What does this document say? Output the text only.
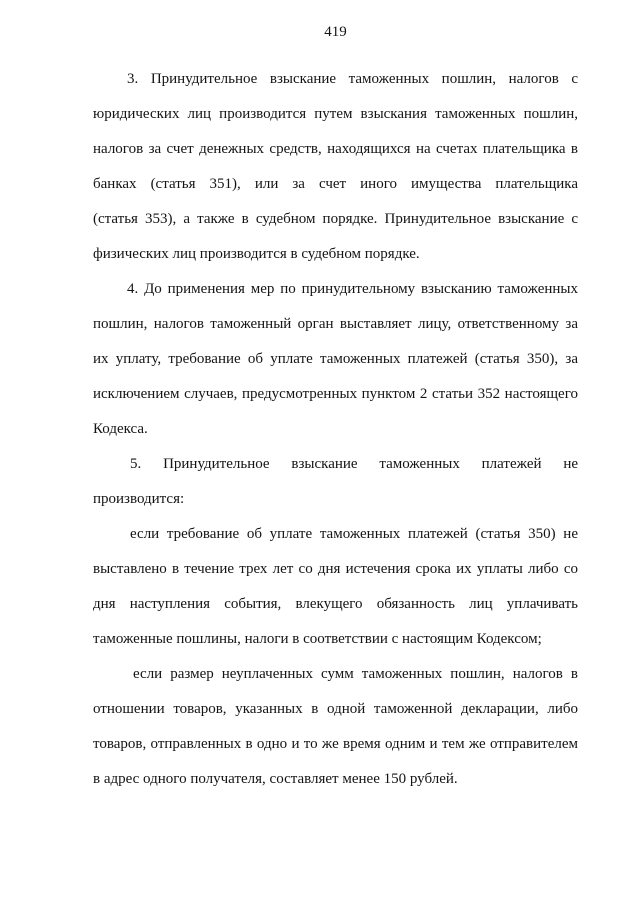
419
3. Принудительное взыскание таможенных пошлин, налогов с
юридических лиц производится путем взыскания таможенных пошлин,
налогов за счет денежных средств, находящихся на счетах плательщика в
банках (статья 351), или за счет иного имущества плательщика
(статья 353), а также в судебном порядке. Принудительное взыскание с
физических лиц производится в судебном порядке.
4. До применения мер по принудительному взысканию таможенных
пошлин, налогов таможенный орган выставляет лицу, ответственному за
их уплату, требование об уплате таможенных платежей (статья 350), за
исключением случаев, предусмотренных пунктом 2 статьи 352 настоящего
Кодекса.
5. Принудительное взыскание таможенных платежей не
производится:
если требование об уплате таможенных платежей (статья 350) не
выставлено в течение трех лет со дня истечения срока их уплаты либо со
дня наступления события, влекущего обязанность лиц уплачивать
таможенные пошлины, налоги в соответствии с настоящим Кодексом;
если размер неуплаченных сумм таможенных пошлин, налогов в
отношении товаров, указанных в одной таможенной декларации, либо
товаров, отправленных в одно и то же время одним и тем же отправителем
в адрес одного получателя, составляет менее 150 рублей.
